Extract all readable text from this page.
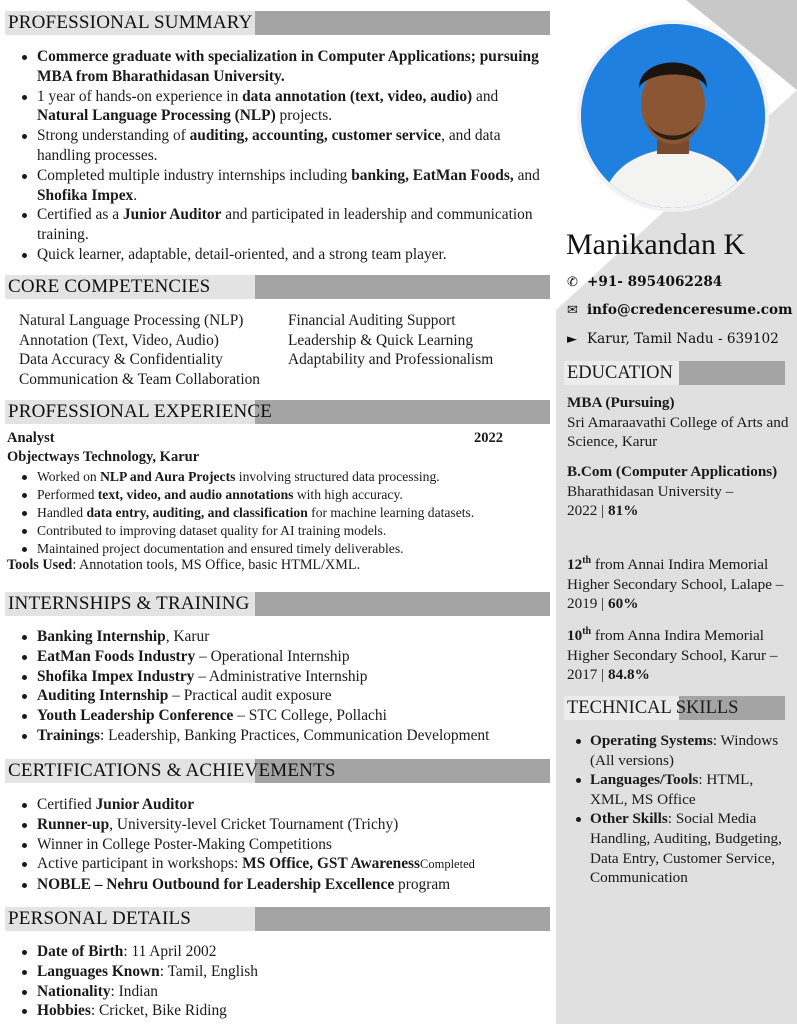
PROFESSIONAL SUMMARY
Commerce graduate with specialization in Computer Applications; pursuing MBA from Bharathidasan University.
1 year of hands-on experience in data annotation (text, video, audio) and Natural Language Processing (NLP) projects.
Strong understanding of auditing, accounting, customer service, and data handling processes.
Completed multiple industry internships including banking, EatMan Foods, and Shofika Impex.
Certified as a Junior Auditor and participated in leadership and communication training.
Quick learner, adaptable, detail-oriented, and a strong team player.
CORE COMPETENCIES
Natural Language Processing (NLP)
Annotation (Text, Video, Audio)
Data Accuracy & Confidentiality
Communication & Team Collaboration
Financial Auditing Support
Leadership & Quick Learning
Adaptability and Professionalism
PROFESSIONAL EXPERIENCE
Analyst	2022
Objectways Technology, Karur
Worked on NLP and Aura Projects involving structured data processing.
Performed text, video, and audio annotations with high accuracy.
Handled data entry, auditing, and classification for machine learning datasets.
Contributed to improving dataset quality for AI training models.
Maintained project documentation and ensured timely deliverables.
Tools Used: Annotation tools, MS Office, basic HTML/XML.
INTERNSHIPS & TRAINING
Banking Internship, Karur
EatMan Foods Industry – Operational Internship
Shofika Impex Industry – Administrative Internship
Auditing Internship – Practical audit exposure
Youth Leadership Conference – STC College, Pollachi
Trainings: Leadership, Banking Practices, Communication Development
CERTIFICATIONS & ACHIEVEMENTS
Certified Junior Auditor
Runner-up, University-level Cricket Tournament (Trichy)
Winner in College Poster-Making Competitions
Active participant in workshops: MS Office, GST AwarenessCompleted
NOBLE – Nehru Outbound for Leadership Excellence program
PERSONAL DETAILS
Date of Birth: 11 April 2002
Languages Known: Tamil, English
Nationality: Indian
Hobbies: Cricket, Bike Riding
Manikandan K
✆ +91- 8954062284
✉ info@credenceresume.com
► Karur, Tamil Nadu - 639102
EDUCATION
MBA (Pursuing)
Sri Amaraavathi College of Arts and Science, Karur
B.Com (Computer Applications)
Bharathidasan University –
2022 | 81%
12th from Annai Indira Memorial Higher Secondary School, Lalape – 2019 | 60%
10th from Anna Indira Memorial Higher Secondary School, Karur – 2017 | 84.8%
TECHNICAL SKILLS
Operating Systems: Windows (All versions)
Languages/Tools: HTML, XML, MS Office
Other Skills: Social Media Handling, Auditing, Budgeting, Data Entry, Customer Service, Communication
